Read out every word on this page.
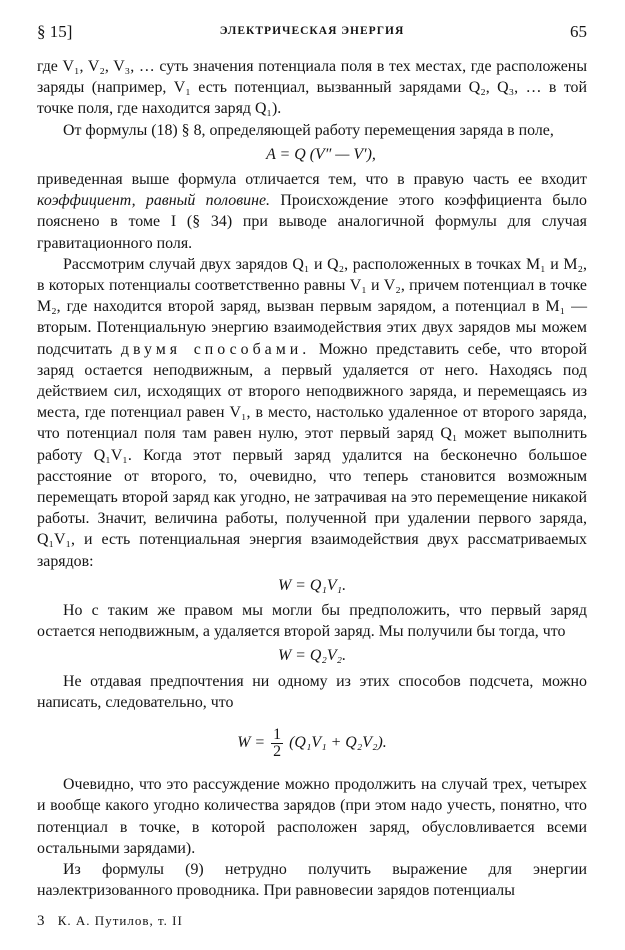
§ 15]	ЭЛЕКТРИЧЕСКАЯ ЭНЕРГИЯ	65

где V₁, V₂, V₃, … суть значения потенциала поля в тех местах, где расположены заряды (например, V₁ есть потенциал, вызванный зарядами Q₂, Q₃, … в той точке поля, где находится заряд Q₁).

От формулы (18) § 8, определяющей работу перемещения заряда в поле,

A = Q (V″ — V′),

приведенная выше формула отличается тем, что в правую часть ее входит коэффициент, равный половине. Происхождение этого коэффициента было пояснено в томе I (§ 34) при выводе аналогичной формулы для случая гравитационного поля.

Рассмотрим случай двух зарядов Q₁ и Q₂, расположенных в точках M₁ и M₂, в которых потенциалы соответственно равны V₁ и V₂, причем потенциал в точке M₂, где находится второй заряд, вызван первым зарядом, а потенциал в M₁ — вторым. Потенциальную энергию взаимодействия этих двух зарядов мы можем подсчитать двумя способами. Можно представить себе, что второй заряд остается неподвижным, а первый удаляется от него. Находясь под действием сил, исходящих от второго неподвижного заряда, и перемещаясь из места, где потенциал равен V₁, в место, настолько удаленное от второго заряда, что потенциал поля там равен нулю, этот первый заряд Q₁ может выполнить работу Q₁V₁. Когда этот первый заряд удалится на бесконечно большое расстояние от второго, то, очевидно, что теперь становится возможным перемещать второй заряд как угодно, не затрачивая на это перемещение никакой работы. Значит, величина работы, полученной при удалении первого заряда, Q₁V₁, и есть потенциальная энергия взаимодействия двух рассматриваемых зарядов:

W = Q₁V₁.

Но с таким же правом мы могли бы предположить, что первый заряд остается неподвижным, а удаляется второй заряд. Мы получили бы тогда, что

W = Q₂V₂.

Не отдавая предпочтения ни одному из этих способов подсчета, можно написать, следовательно, что

$W = \frac{1}{2} (Q_1V_1 + Q_2V_2)$.

Очевидно, что это рассуждение можно продолжить на случай трех, четырех и вообще какого угодно количества зарядов (при этом надо учесть, понятно, что потенциал в точке, в которой расположен заряд, обусловливается всеми остальными зарядами).

Из формулы (9) нетрудно получить выражение для энергии наэлектризованного проводника. При равновесии зарядов потенциалы

3 К. А. Путилов, т. II
